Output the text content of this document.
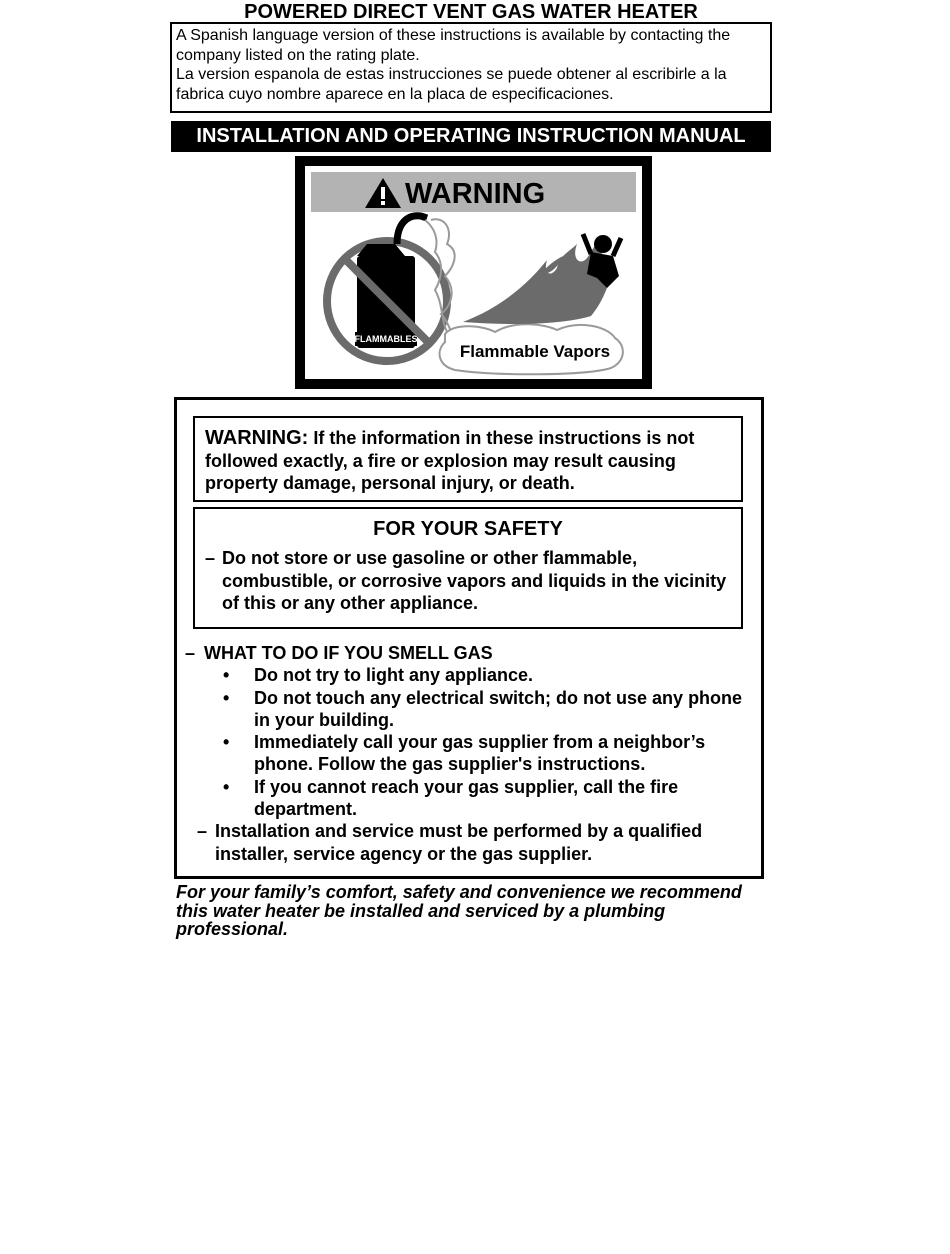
POWERED DIRECT VENT GAS WATER HEATER

A Spanish language version of these instructions is available by contacting the company listed on the rating plate.

La version espanola de estas instrucciones se puede obtener al escribirle a la fabrica cuyo nombre aparece en la placa de especificaciones.

INSTALLATION AND OPERATING INSTRUCTION MANUAL
WARNING
FLAMMABLES
Flammable Vapors
WARNING: If the information in these instructions is not followed exactly, a fire or explosion may result causing property damage, personal injury, or death.
FOR YOUR SAFETY
– Do not store or use gasoline or other flammable, combustible, or corrosive vapors and liquids in the vicinity of this or any other appliance.
– WHAT TO DO IF YOU SMELL GAS
• Do not try to light any appliance.
• Do not touch any electrical switch; do not use any phone in your building.
• Immediately call your gas supplier from a neighbor’s phone. Follow the gas supplier's instructions.
• If you cannot reach your gas supplier, call the fire department.
– Installation and service must be performed by a qualified installer, service agency or the gas supplier.
For your family’s comfort, safety and convenience we recommend this water heater be installed and serviced by a plumbing professional.
